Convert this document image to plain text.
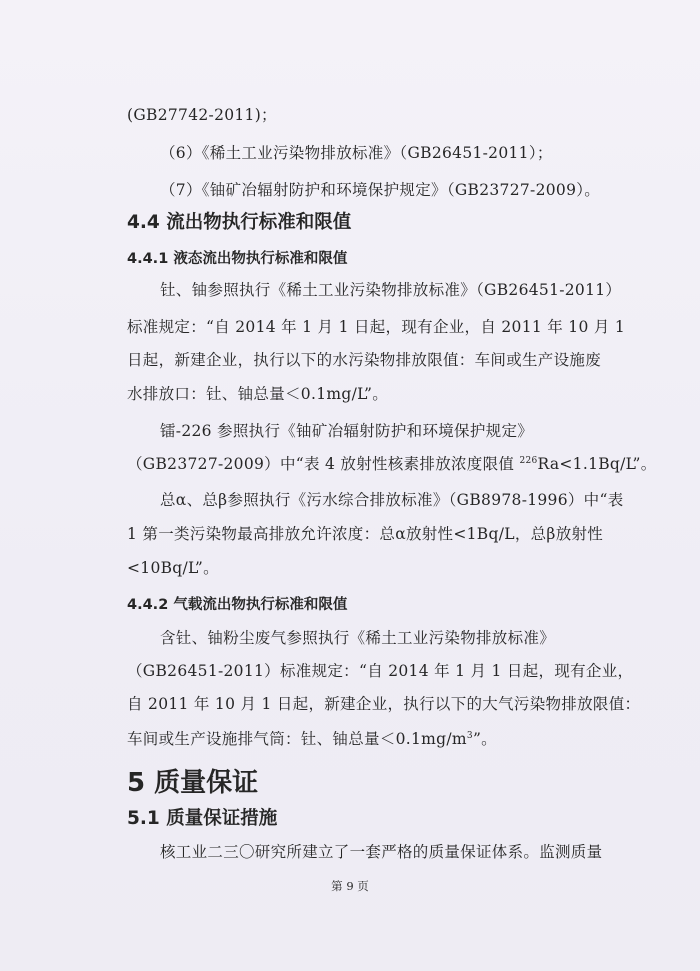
(GB27742-2011)；
（6）《稀土工业污染物排放标准》（GB26451-2011）；
（7）《铀矿冶辐射防护和环境保护规定》（GB23727-2009）。
4.4 流出物执行标准和限值
4.4.1 液态流出物执行标准和限值
钍、铀参照执行《稀土工业污染物排放标准》（GB26451-2011）
标准规定：“自 2014 年 1 月 1 日起，现有企业，自 2011 年 10 月 1
日起，新建企业，执行以下的水污染物排放限值：车间或生产设施废
水排放口：钍、铀总量＜0.1mg/L”。
镭-226 参照执行《铀矿冶辐射防护和环境保护规定》
（GB23727-2009）中“表 4 放射性核素排放浓度限值 $^{226}$Ra<1.1Bq/L”。
总α、总β参照执行《污水综合排放标准》（GB8978-1996）中“表
1 第一类污染物最高排放允许浓度：总α放射性<1Bq/L，总β放射性
<10Bq/L”。
4.4.2 气载流出物执行标准和限值
含钍、铀粉尘废气参照执行《稀土工业污染物排放标准》
（GB26451-2011）标准规定：“自 2014 年 1 月 1 日起，现有企业，
自 2011 年 10 月 1 日起，新建企业，执行以下的大气污染物排放限值：
车间或生产设施排气筒：钍、铀总量$<0.1mg/m^3$”。
5 质量保证
5.1 质量保证措施
核工业二三〇研究所建立了一套严格的质量保证体系。监测质量
第 9 页
